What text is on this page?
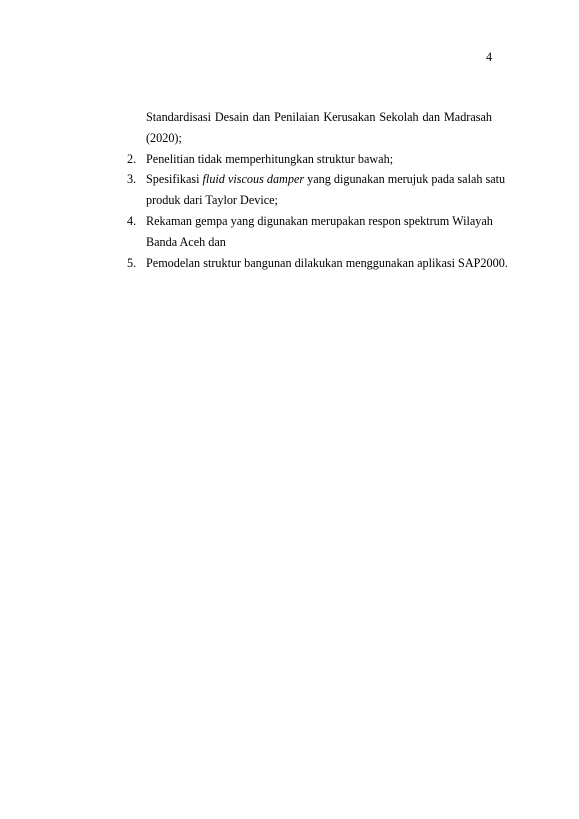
4
Standardisasi Desain dan Penilaian Kerusakan Sekolah dan Madrasah
(2020);
2. Penelitian tidak memperhitungkan struktur bawah;
3. Spesifikasi fluid viscous damper yang digunakan merujuk pada salah satu
produk dari Taylor Device;
4. Rekaman gempa yang digunakan merupakan respon spektrum Wilayah
Banda Aceh dan
5. Pemodelan struktur bangunan dilakukan menggunakan aplikasi SAP2000.
